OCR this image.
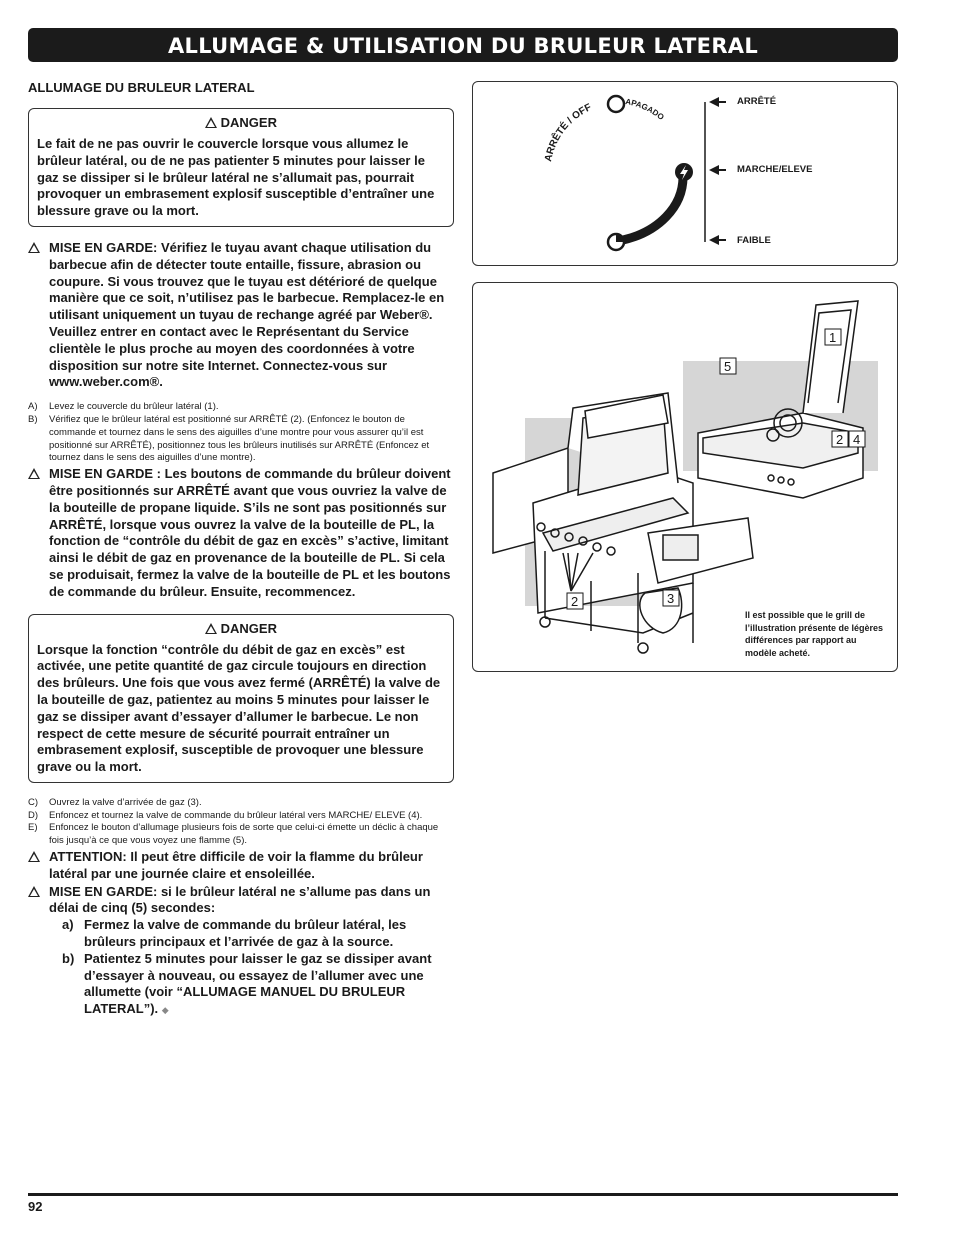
ALLUMAGE & UTILISATION DU BRULEUR LATERAL
ALLUMAGE DU BRULEUR LATERAL
DANGER
Le fait de ne pas ouvrir le couvercle lorsque vous allumez le brûleur latéral, ou de ne pas patienter 5 minutes pour laisser le gaz se dissiper si le brûleur latéral ne s’allumait pas, pourrait provoquer un embrasement explosif susceptible d’entraîner une blessure grave ou la mort.
MISE EN GARDE: Vérifiez le tuyau avant chaque utilisation du barbecue afin de détecter toute entaille, fissure, abrasion ou coupure. Si vous trouvez que le tuyau est détérioré de quelque manière que ce soit, n’utilisez pas le barbecue. Remplacez-le en utilisant uniquement un tuyau de rechange agréé par Weber®. Veuillez entrer en contact avec le Représentant du Service clientèle le plus proche au moyen des coordonnées à votre disposition sur notre site Internet. Connectez-vous sur www.weber.com®.
A) Levez le couvercle du brûleur latéral (1).
B) Vérifiez que le brûleur latéral est positionné sur ARRÊTÉ (2). (Enfoncez le bouton de commande et tournez dans le sens des aiguilles d’une montre pour vous assurer qu’il est positionné sur ARRÊTÉ), positionnez tous les brûleurs inutilisés sur ARRÊTÉ (Enfoncez et tournez dans le sens des aiguilles d’une montre).
MISE EN GARDE : Les boutons de commande du brûleur doivent être positionnés sur ARRÊTÉ avant que vous ouvriez la valve de la bouteille de propane liquide. S’ils ne sont pas positionnés sur ARRÊTÉ, lorsque vous ouvrez la valve de la bouteille de PL, la fonction de “contrôle du débit de gaz en excès” s’active, limitant ainsi le débit de gaz en provenance de la bouteille de PL. Si cela se produisait, fermez la valve de la bouteille de PL et les boutons de commande du brûleur. Ensuite, recommencez.
DANGER
Lorsque la fonction “contrôle du débit de gaz en excès” est activée, une petite quantité de gaz circule toujours en direction des brûleurs. Une fois que vous avez fermé (ARRÊTÉ) la valve de la bouteille de gaz, patientez au moins 5 minutes pour laisser le gaz se dissiper avant d’essayer d’allumer le barbecue. Le non respect de cette mesure de sécurité pourrait entraîner un embrasement explosif, susceptible de provoquer une blessure grave ou la mort.
C) Ouvrez la valve d’arrivée de gaz (3).
D) Enfoncez et tournez la valve de commande du brûleur latéral vers MARCHE/ ELEVE (4).
E) Enfoncez le bouton d’allumage plusieurs fois de sorte que celui-ci émette un déclic à chaque fois jusqu’à ce que vous voyez une flamme (5).
ATTENTION: Il peut être difficile de voir la flamme du brûleur latéral par une journée claire et ensoleillée.
MISE EN GARDE: si le brûleur latéral ne s’allume pas dans un délai de cinq (5) secondes:
a) Fermez la valve de commande du brûleur latéral, les brûleurs principaux et l’arrivée de gaz à la source.
b) Patientez 5 minutes pour laisser le gaz se dissiper avant d’essayer à nouveau, ou essayez de l’allumer avec une allumette (voir “ALLUMAGE MANUEL DU BRULEUR LATERAL”). ◆
ARRÊTÉ / OFF
APAGADO
ARRÊTÉ
MARCHE/ELEVE
FAIBLE
1
5
2 4
2	3
Il est possible que le grill de l’illustration présente de légères différences par rapport au modèle acheté.
92
